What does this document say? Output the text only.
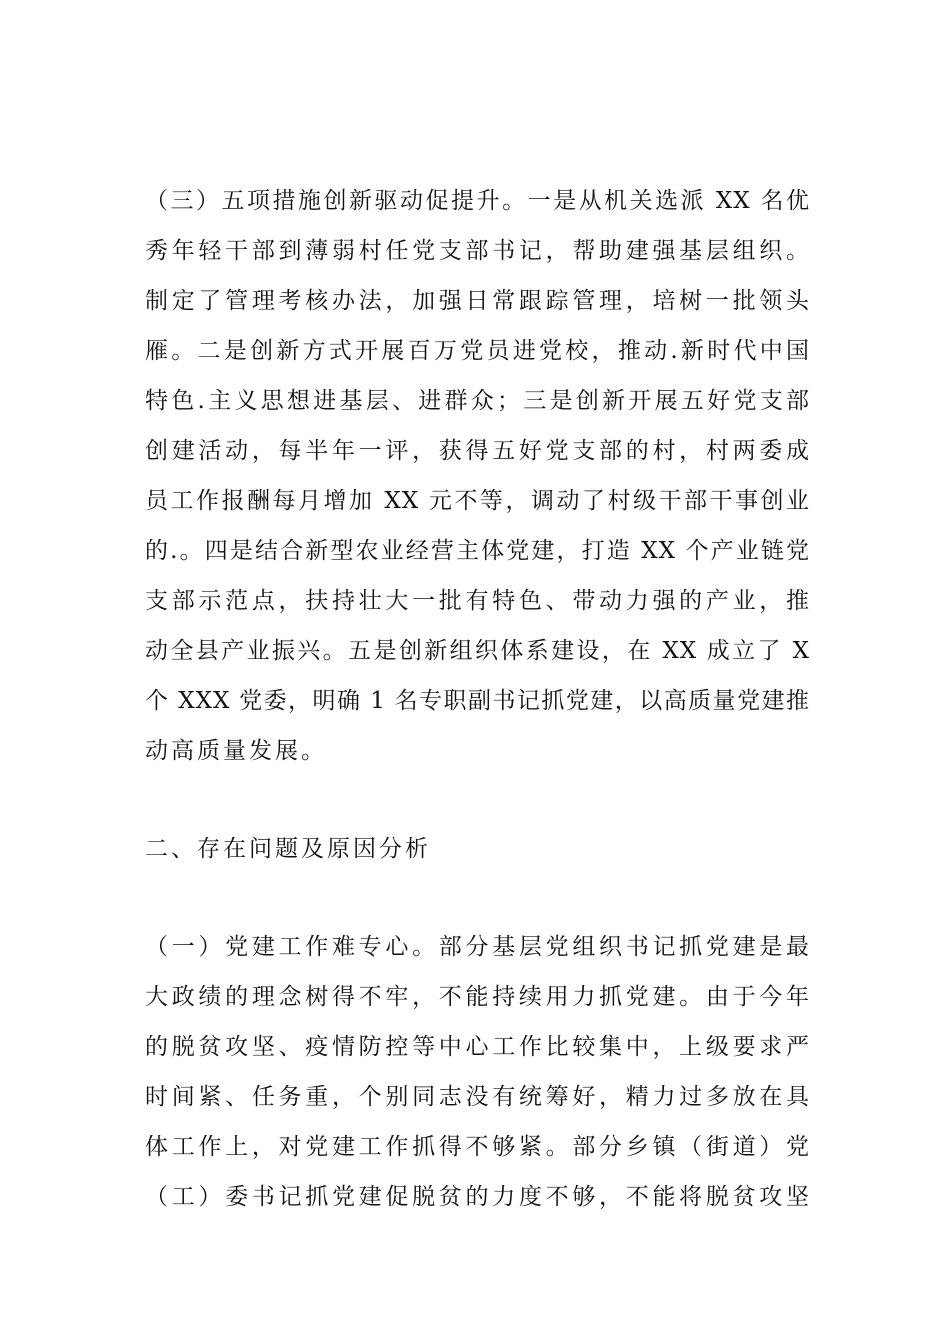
（三）五项措施创新驱动促提升。一是从机关选派 XX 名优
秀年轻干部到薄弱村任党支部书记，帮助建强基层组织。
制定了管理考核办法，加强日常跟踪管理，培树一批领头
雁。二是创新方式开展百万党员进党校，推动.新时代中国
特色.主义思想进基层、进群众；三是创新开展五好党支部
创建活动，每半年一评，获得五好党支部的村，村两委成
员工作报酬每月增加 XX 元不等，调动了村级干部干事创业
的.。四是结合新型农业经营主体党建，打造 XX 个产业链党
支部示范点，扶持壮大一批有特色、带动力强的产业，推
动全县产业振兴。五是创新组织体系建设，在 XX 成立了 X
个 XXX 党委，明确 1 名专职副书记抓党建，以高质量党建推
动高质量发展。
二、存在问题及原因分析
（一）党建工作难专心。部分基层党组织书记抓党建是最
大政绩的理念树得不牢，不能持续用力抓党建。由于今年
的脱贫攻坚、疫情防控等中心工作比较集中，上级要求严
时间紧、任务重，个别同志没有统筹好，精力过多放在具
体工作上，对党建工作抓得不够紧。部分乡镇（街道）党
（工）委书记抓党建促脱贫的力度不够，不能将脱贫攻坚
